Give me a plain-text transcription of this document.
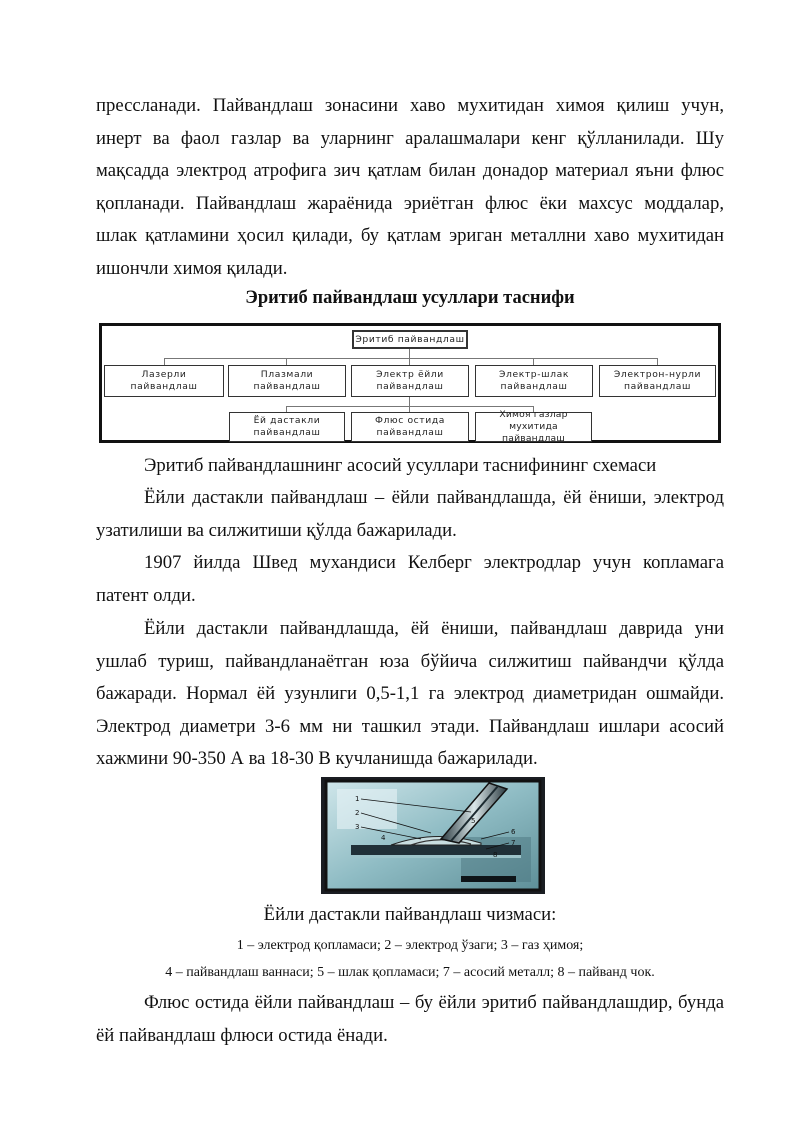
прессланади. Пайвандлаш зонасини хаво мухитидан химоя қилиш учун,
инерт ва фаол газлар ва уларнинг аралашмалари кенг қўлланилади. Шу
мақсадда электрод атрофига зич қатлам билан донадор материал яъни флюс
қопланади. Пайвандлаш жараёнида эриётган флюс ёки махсус моддалар,
шлак қатламини ҳосил қилади, бу қатлам эриган металлни хаво мухитидан
ишончли химоя қилади.
Эритиб пайвандлаш усуллари таснифи
Эритиб пайвандлаш
Лазерли
пайвандлаш
Плазмали
пайвандлаш
Электр ёйли
пайвандлаш
Электр-шлак
пайвандлаш
Электрон-нурли
пайвандлаш
Ёй дастакли
пайвандлаш
Флюс остида
пайвандлаш
Химоя газлар мухитида
пайвандлаш
Эритиб пайвандлашнинг асосий усуллари таснифининг схемаси
Ёйли дастакли пайвандлаш – ёйли пайвандлашда, ёй ёниши, электрод
узатилиши ва силжитиши қўлда бажарилади.
1907 йилда Швед мухандиси Келберг электродлар учун копламага
патент олди.
Ёйли дастакли пайвандлашда, ёй ёниши, пайвандлаш даврида уни
ушлаб туриш, пайвандланаётган юза бўйича силжитиш пайвандчи қўлда
бажаради. Нормал ёй узунлиги 0,5-1,1 га электрод диаметридан ошмайди.
Электрод диаметри 3-6 мм ни ташкил этади. Пайвандлаш ишлари асосий
хажмини 90-350 А ва 18-30 В кучланишда бажарилади.
1
2
3
4
5
6
7
8
Ёйли дастакли пайвандлаш чизмаси:
1 – электрод қопламаси; 2 – электрод ўзаги; 3 – газ ҳимоя;
4 – пайвандлаш ваннаси; 5 – шлак қопламаси; 7 – асосий металл; 8 – пайванд чок.
Флюс остида ёйли пайвандлаш – бу ёйли эритиб пайвандлашдир, бунда
ёй пайвандлаш флюси остида ёнади.
